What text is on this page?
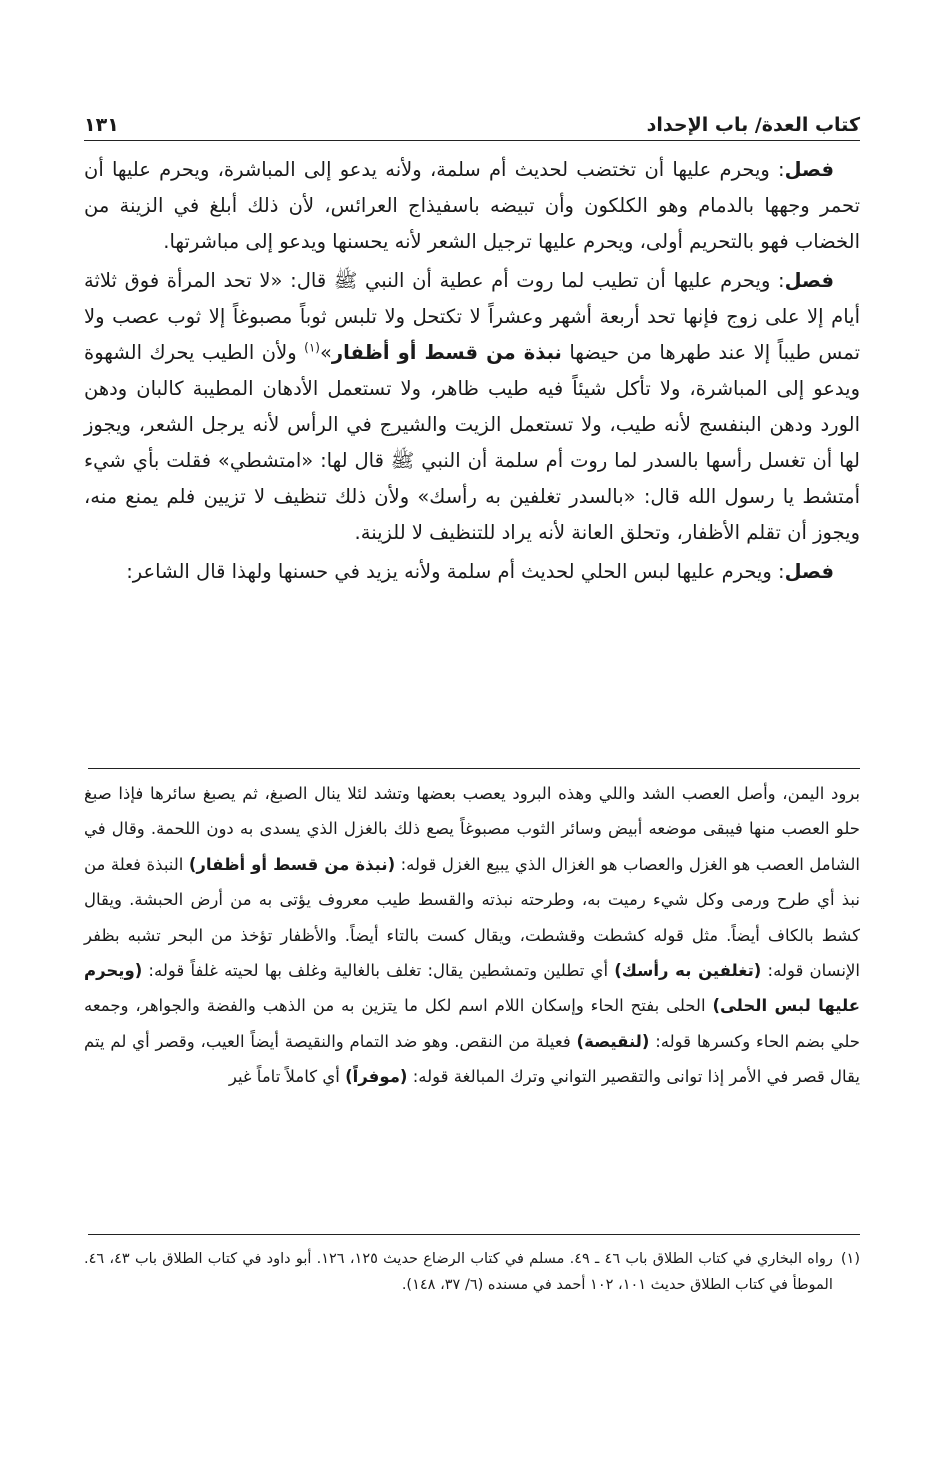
كتاب العدة/ باب الإحداد
١٣١

فصل: ويحرم عليها أن تختضب لحديث أم سلمة، ولأنه يدعو إلى المباشرة، ويحرم عليها أن تحمر وجهها بالدمام وهو الكلكون وأن تبيضه باسفيذاج العرائس، لأن ذلك أبلغ في الزينة من الخضاب فهو بالتحريم أولى، ويحرم عليها ترجيل الشعر لأنه يحسنها ويدعو إلى مباشرتها.

فصل: ويحرم عليها أن تطيب لما روت أم عطية أن النبي ﷺ قال: «لا تحد المرأة فوق ثلاثة أيام إلا على زوج فإنها تحد أربعة أشهر وعشراً لا تكتحل ولا تلبس ثوباً مصبوغاً إلا ثوب عصب ولا تمس طيباً إلا عند طهرها من حيضها نبذة من قسط أو أظفار»$^{(١)}$ ولأن الطيب يحرك الشهوة ويدعو إلى المباشرة، ولا تأكل شيئاً فيه طيب ظاهر، ولا تستعمل الأدهان المطيبة كالبان ودهن الورد ودهن البنفسج لأنه طيب، ولا تستعمل الزيت والشيرج في الرأس لأنه يرجل الشعر، ويجوز لها أن تغسل رأسها بالسدر لما روت أم سلمة أن النبي ﷺ قال لها: «امتشطي» فقلت بأي شيء أمتشط يا رسول الله قال: «بالسدر تغلفين به رأسك» ولأن ذلك تنظيف لا تزيين فلم يمنع منه، ويجوز أن تقلم الأظفار، وتحلق العانة لأنه يراد للتنظيف لا للزينة.

فصل: ويحرم عليها لبس الحلي لحديث أم سلمة ولأنه يزيد في حسنها ولهذا قال الشاعر:

برود اليمن، وأصل العصب الشد واللي وهذه البرود يعصب بعضها وتشد لئلا ينال الصبغ، ثم يصبغ سائرها فإذا صبغ حلو العصب منها فيبقى موضعه أبيض وسائر الثوب مصبوغاً يصع ذلك بالغزل الذي يسدى به دون اللحمة. وقال في الشامل العصب هو الغزل والعصاب هو الغزال الذي يبيع الغزل قوله: (نبذة من قسط أو أظفار) النبذة فعلة من نبذ أي طرح ورمى وكل شيء رميت به، وطرحته نبذته والقسط طيب معروف يؤتى به من أرض الحبشة. ويقال كشط بالكاف أيضاً. مثل قوله كشطت وقشطت، ويقال كست بالتاء أيضاً. والأظفار تؤخذ من البحر تشبه بظفر الإنسان قوله: (تغلفين به رأسك) أي تطلين وتمشطين يقال: تغلف بالغالية وغلف بها لحيته غلفاً قوله: (ويحرم عليها لبس الحلى) الحلى بفتح الحاء وإسكان اللام اسم لكل ما يتزين به من الذهب والفضة والجواهر، وجمعه حلي بضم الحاء وكسرها قوله: (لنقيصة) فعيلة من النقص. وهو ضد التمام والنقيصة أيضاً العيب، وقصر أي لم يتم يقال قصر في الأمر إذا توانى والتقصير التواني وترك المبالغة قوله: (موفراً) أي كاملاً تاماً غير

(١)
رواه البخاري في كتاب الطلاق باب ٤٦ ـ ٤٩. مسلم في كتاب الرضاع حديث ١٢٥، ١٢٦. أبو داود في كتاب الطلاق باب ٤٣، ٤٦. الموطأ في كتاب الطلاق حديث ١٠١، ١٠٢ أحمد في مسنده (٦/ ٣٧، ١٤٨).
